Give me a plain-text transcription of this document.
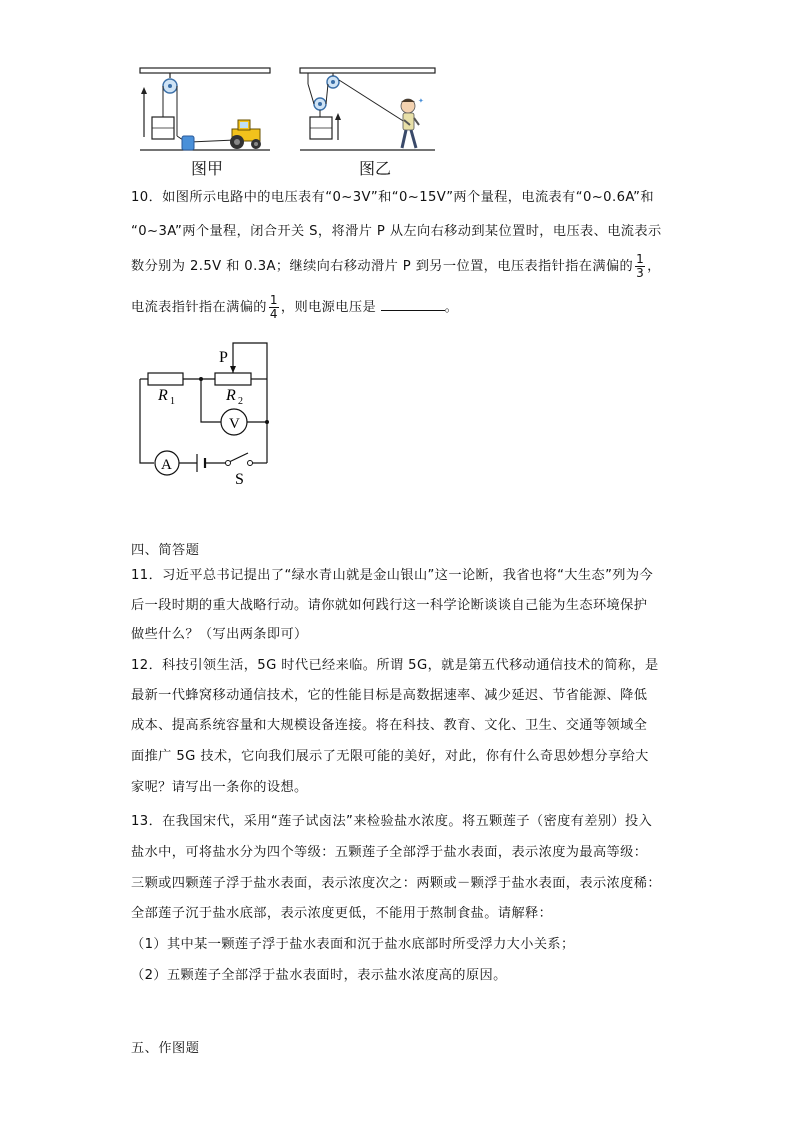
✦
图甲	图乙
10．如图所示电路中的电压表有“0~3V”和“0~15V”两个量程，电流表有“0~0.6A”和
“0~3A”两个量程，闭合开关 S，将滑片 P 从左向右移动到某位置时，电压表、电流表示
数分别为 2.5V 和 0.3A；继续向右移动滑片 P 到另一位置，电压表指针指在满偏的 $\frac{1}{3}$ ，
电流表指针指在满偏的 $\frac{1}{4}$ ，则电源电压是	。
P
R 1	R 2
V
A
S
四、简答题
11．习近平总书记提出了“绿水青山就是金山银山”这一论断，我省也将“大生态”列为今
后一段时期的重大战略行动。请你就如何践行这一科学论断谈谈自己能为生态环境保护
做些什么？（写出两条即可）
12．科技引领生活，5G 时代已经来临。所谓 5G，就是第五代移动通信技术的简称，是
最新一代蜂窝移动通信技术，它的性能目标是高数据速率、减少延迟、节省能源、降低
成本、提高系统容量和大规模设备连接。将在科技、教育、文化、卫生、交通等领域全
面推广 5G 技术，它向我们展示了无限可能的美好，对此，你有什么奇思妙想分享给大
家呢？请写出一条你的设想。
13．在我国宋代，采用“莲子试卤法”来检验盐水浓度。将五颗莲子（密度有差别）投入
盐水中，可将盐水分为四个等级：五颗莲子全部浮于盐水表面，表示浓度为最高等级：
三颗或四颗莲子浮于盐水表面，表示浓度次之：两颗或－颗浮于盐水表面，表示浓度稀：
全部莲子沉于盐水底部，表示浓度更低，不能用于熬制食盐。请解释：
（1）其中某一颗莲子浮于盐水表面和沉于盐水底部时所受浮力大小关系；
（2）五颗莲子全部浮于盐水表面时，表示盐水浓度高的原因。
五、作图题
